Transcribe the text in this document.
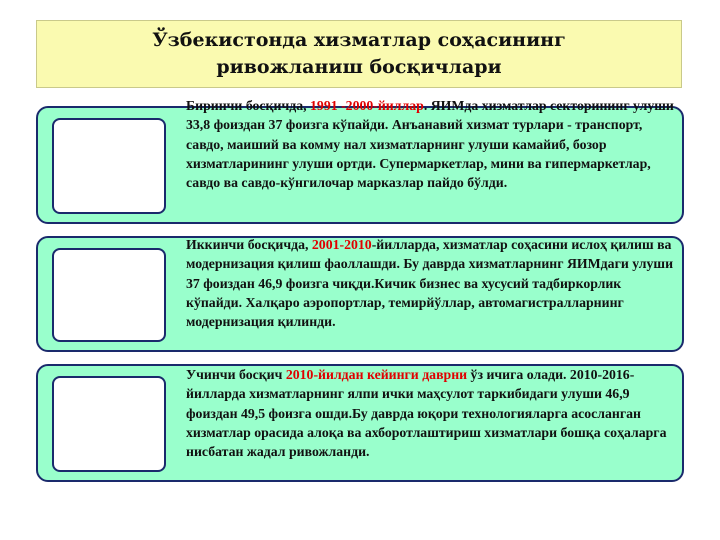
Ўзбекистонда хизматлар соҳасининг ривожланиш босқичлари
Биринчи босқичда, 1991 -2000-йиллар. ЯИМда хизматлар секторининг улуши 33,8 фоиздан 37 фоизга кўпайди. Анъанавий хизмат турлари - транспорт, савдо, маиший ва комму нал хизматларнинг улуши камайиб, бозор хизматларининг улуши ортди. Супермаркетлар, мини ва гипермаркетлар, савдо ва савдо-кўнгилочар марказлар пайдо бўлди.
Иккинчи босқичда, 2001-2010-йилларда, хизматлар соҳасини ислоҳ қилиш ва модернизация қилиш фаоллашди. Бу даврда хизматларнинг ЯИМдаги улуши 37 фоиздан 46,9 фоизга чиқди.Кичик бизнес ва хусусий тадбиркорлик кўпайди. Халқаро аэропортлар, темирйўллар, автомагистралларнинг модернизация қилинди.
Учинчи босқич 2010-йилдан кейинги даврни ўз ичига олади. 2010-2016-йилларда хизматларнинг ялпи ички маҳсулот таркибидаги улуши 46,9 фоиздан 49,5 фоизга ошди.Бу даврда юқори технологияларга асосланган хизматлар орасида алоқа ва ахборотлаштириш хизматлари бошқа соҳаларга нисбатан жадал ривожланди.
